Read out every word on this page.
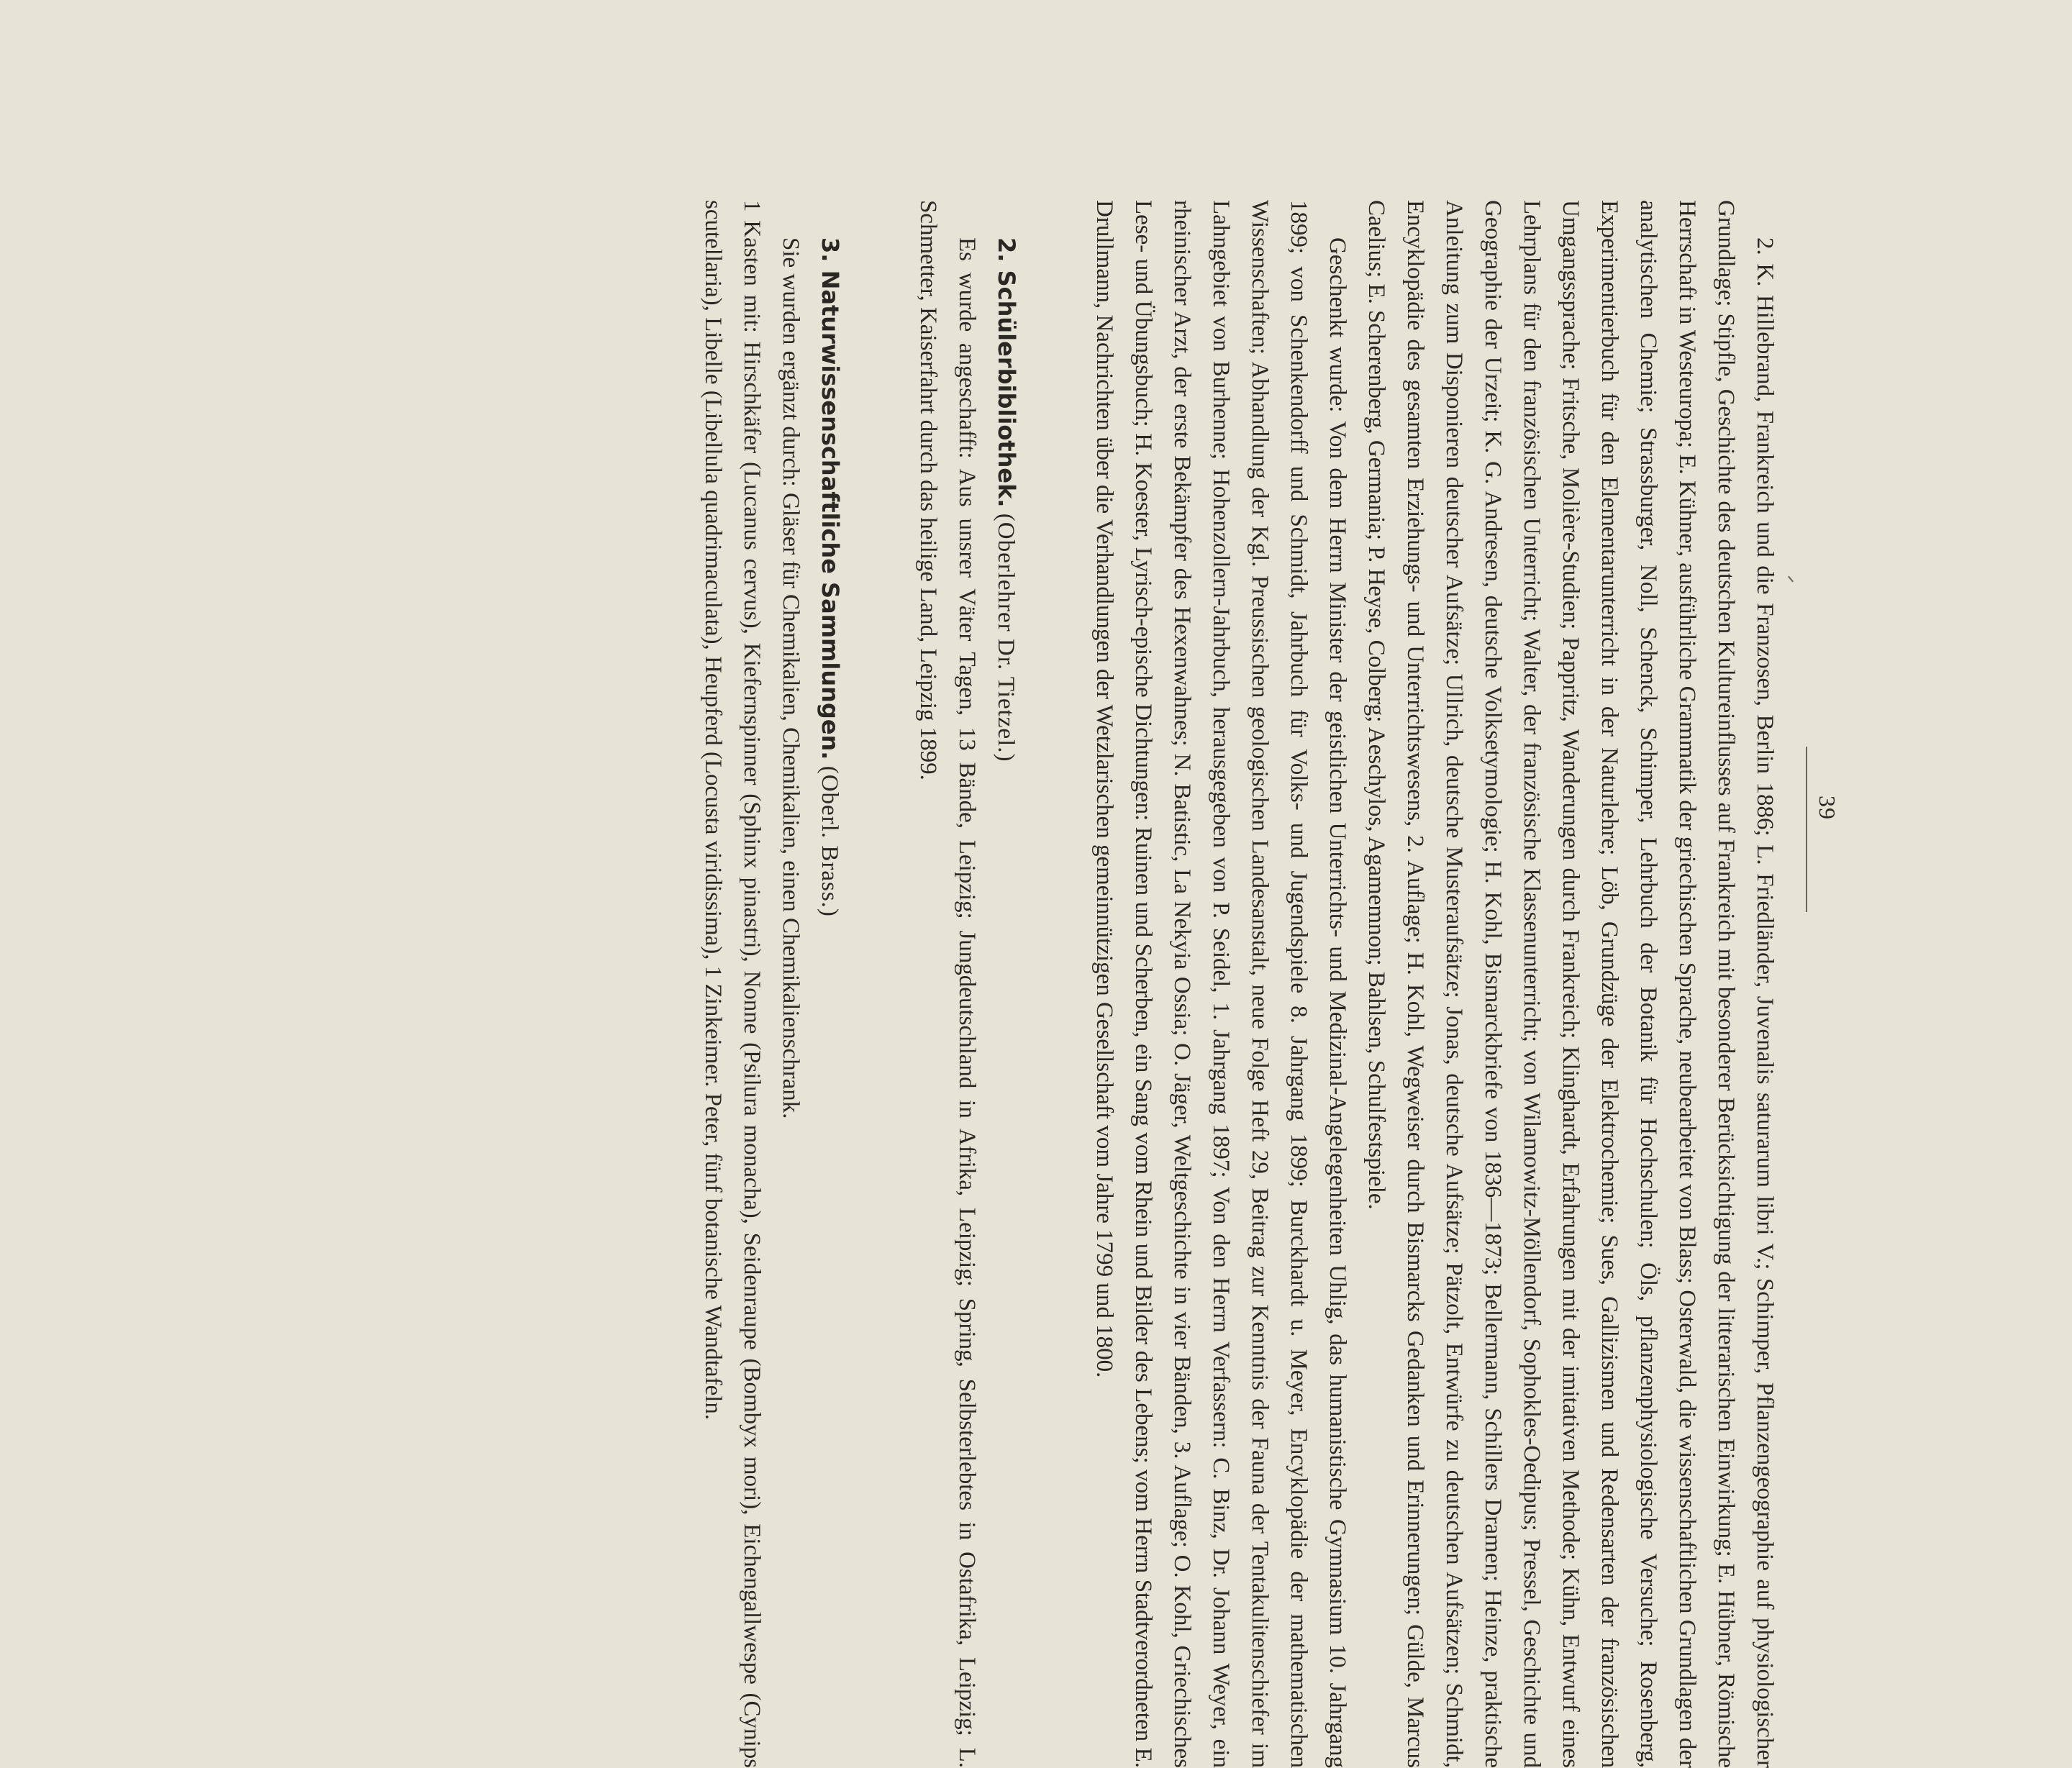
39

2. K. Hillebrand, Frankreich und die Franzosen, Berlin 1886; L. Friedländer, Juvenalis saturarum libri V.; Schimper, Pflanzengeographie auf physiologischer Grundlage; Stipfle, Geschichte des deutschen Kultureinflusses auf Frankreich mit besonderer Berücksichtigung der litterarischen Einwirkung; E. Hübner, Römische Herrschaft in Westeuropa; E. Kühner, ausführliche Grammatik der griechischen Sprache, neubearbeitet von Blass; Osterwald, die wissenschaftlichen Grundlagen der analytischen Chemie; Strassburger, Noll, Schenck, Schimper, Lehrbuch der Botanik für Hochschulen; Öls, pflanzenphysiologische Versuche; Rosenberg, Experimentierbuch für den Elementarunterricht in der Naturlehre; Löb, Grundzüge der Elektrochemie; Sues, Gallizismen und Redensarten der französischen Umgangssprache; Fritsche, Molière-Studien; Pappritz, Wanderungen durch Frankreich; Klinghardt, Erfahrungen mit der imitativen Methode; Kühn, Entwurf eines Lehrplans für den französischen Unterricht; Walter, der französische Klassenunterricht; von Wilamowitz-Möllendorf, Sophokles-Oedipus; Pressel, Geschichte und Geographie der Urzeit; K. G. Andresen, deutsche Volksetymologie; H. Kohl, Bismarckbriefe von 1836—1873; Bellermann, Schillers Dramen; Heinze, praktische Anleitung zum Disponieren deutscher Aufsätze; Ullrich, deutsche Musteraufsätze; Jonas, deutsche Aufsätze; Pätzolt, Entwürfe zu deutschen Aufsätzen; Schmidt, Encyklopädie des gesamten Erziehungs- und Unterrichtswesens, 2. Auflage; H. Kohl, Wegweiser durch Bismarcks Gedanken und Erinnerungen; Gülde, Marcus Caelius; E. Scherenberg, Germania; P. Heyse, Colberg; Aeschylos, Agamemnon; Bahlsen, Schulfestspiele.

Geschenkt wurde: Von dem Herrn Minister der geistlichen Unterrichts- und Medizinal-Angelegenheiten Uhlig, das humanistische Gymnasium 10. Jahrgang 1899; von Schenkendorff und Schmidt, Jahrbuch für Volks- und Jugendspiele 8. Jahrgang 1899; Burckhardt u. Meyer, Encyklopädie der mathematischen Wissenschaften; Abhandlung der Kgl. Preussischen geologischen Landesanstalt, neue Folge Heft 29, Beitrag zur Kenntnis der Fauna der Tentakulitenschiefer im Lahngebiet von Burhenne; Hohenzollern-Jahrbuch, herausgegeben von P. Seidel, 1. Jahrgang 1897; Von den Herrn Verfassern: C. Binz, Dr. Johann Weyer, ein rheinischer Arzt, der erste Bekämpfer des Hexenwahnes; N. Batistic, La Nekyia Ossia; O. Jäger, Weltgeschichte in vier Bänden, 3. Auflage; O. Kohl, Griechisches Lese- und Übungsbuch; H. Koester, Lyrisch-epische Dichtungen: Ruinen und Scherben, ein Sang vom Rhein und Bilder des Lebens; vom Herrn Stadtverordneten E. Drullmann, Nachrichten über die Verhandlungen der Wetzlarischen gemeinnützigen Gesellschaft vom Jahre 1799 und 1800.

2. Schülerbibliothek. (Oberlehrer Dr. Tietzel.)

Es wurde angeschafft: Aus unsrer Väter Tagen, 13 Bände, Leipzig; Jungdeutschland in Afrika, Leipzig; Spring, Selbsterlebtes in Ostafrika, Leipzig; L. Schmetter, Kaiserfahrt durch das heilige Land, Leipzig 1899.

3. Naturwissenschaftliche Sammlungen. (Oberl. Brass.)

Sie wurden ergänzt durch: Gläser für Chemikalien, Chemikalien, einen Chemikalienschrank.

1 Kasten mit: Hirschkäfer (Lucanus cervus), Kiefernspinner (Sphinx pinastri), Nonne (Psilura monacha), Seidenraupe (Bombyx mori), Eichengallwespe (Cynips scutellaria), Libelle (Libellula quadrimaculata), Heupferd (Locusta viridissima), 1 Zinkeimer. Peter, fünf botanische Wandtafeln.
